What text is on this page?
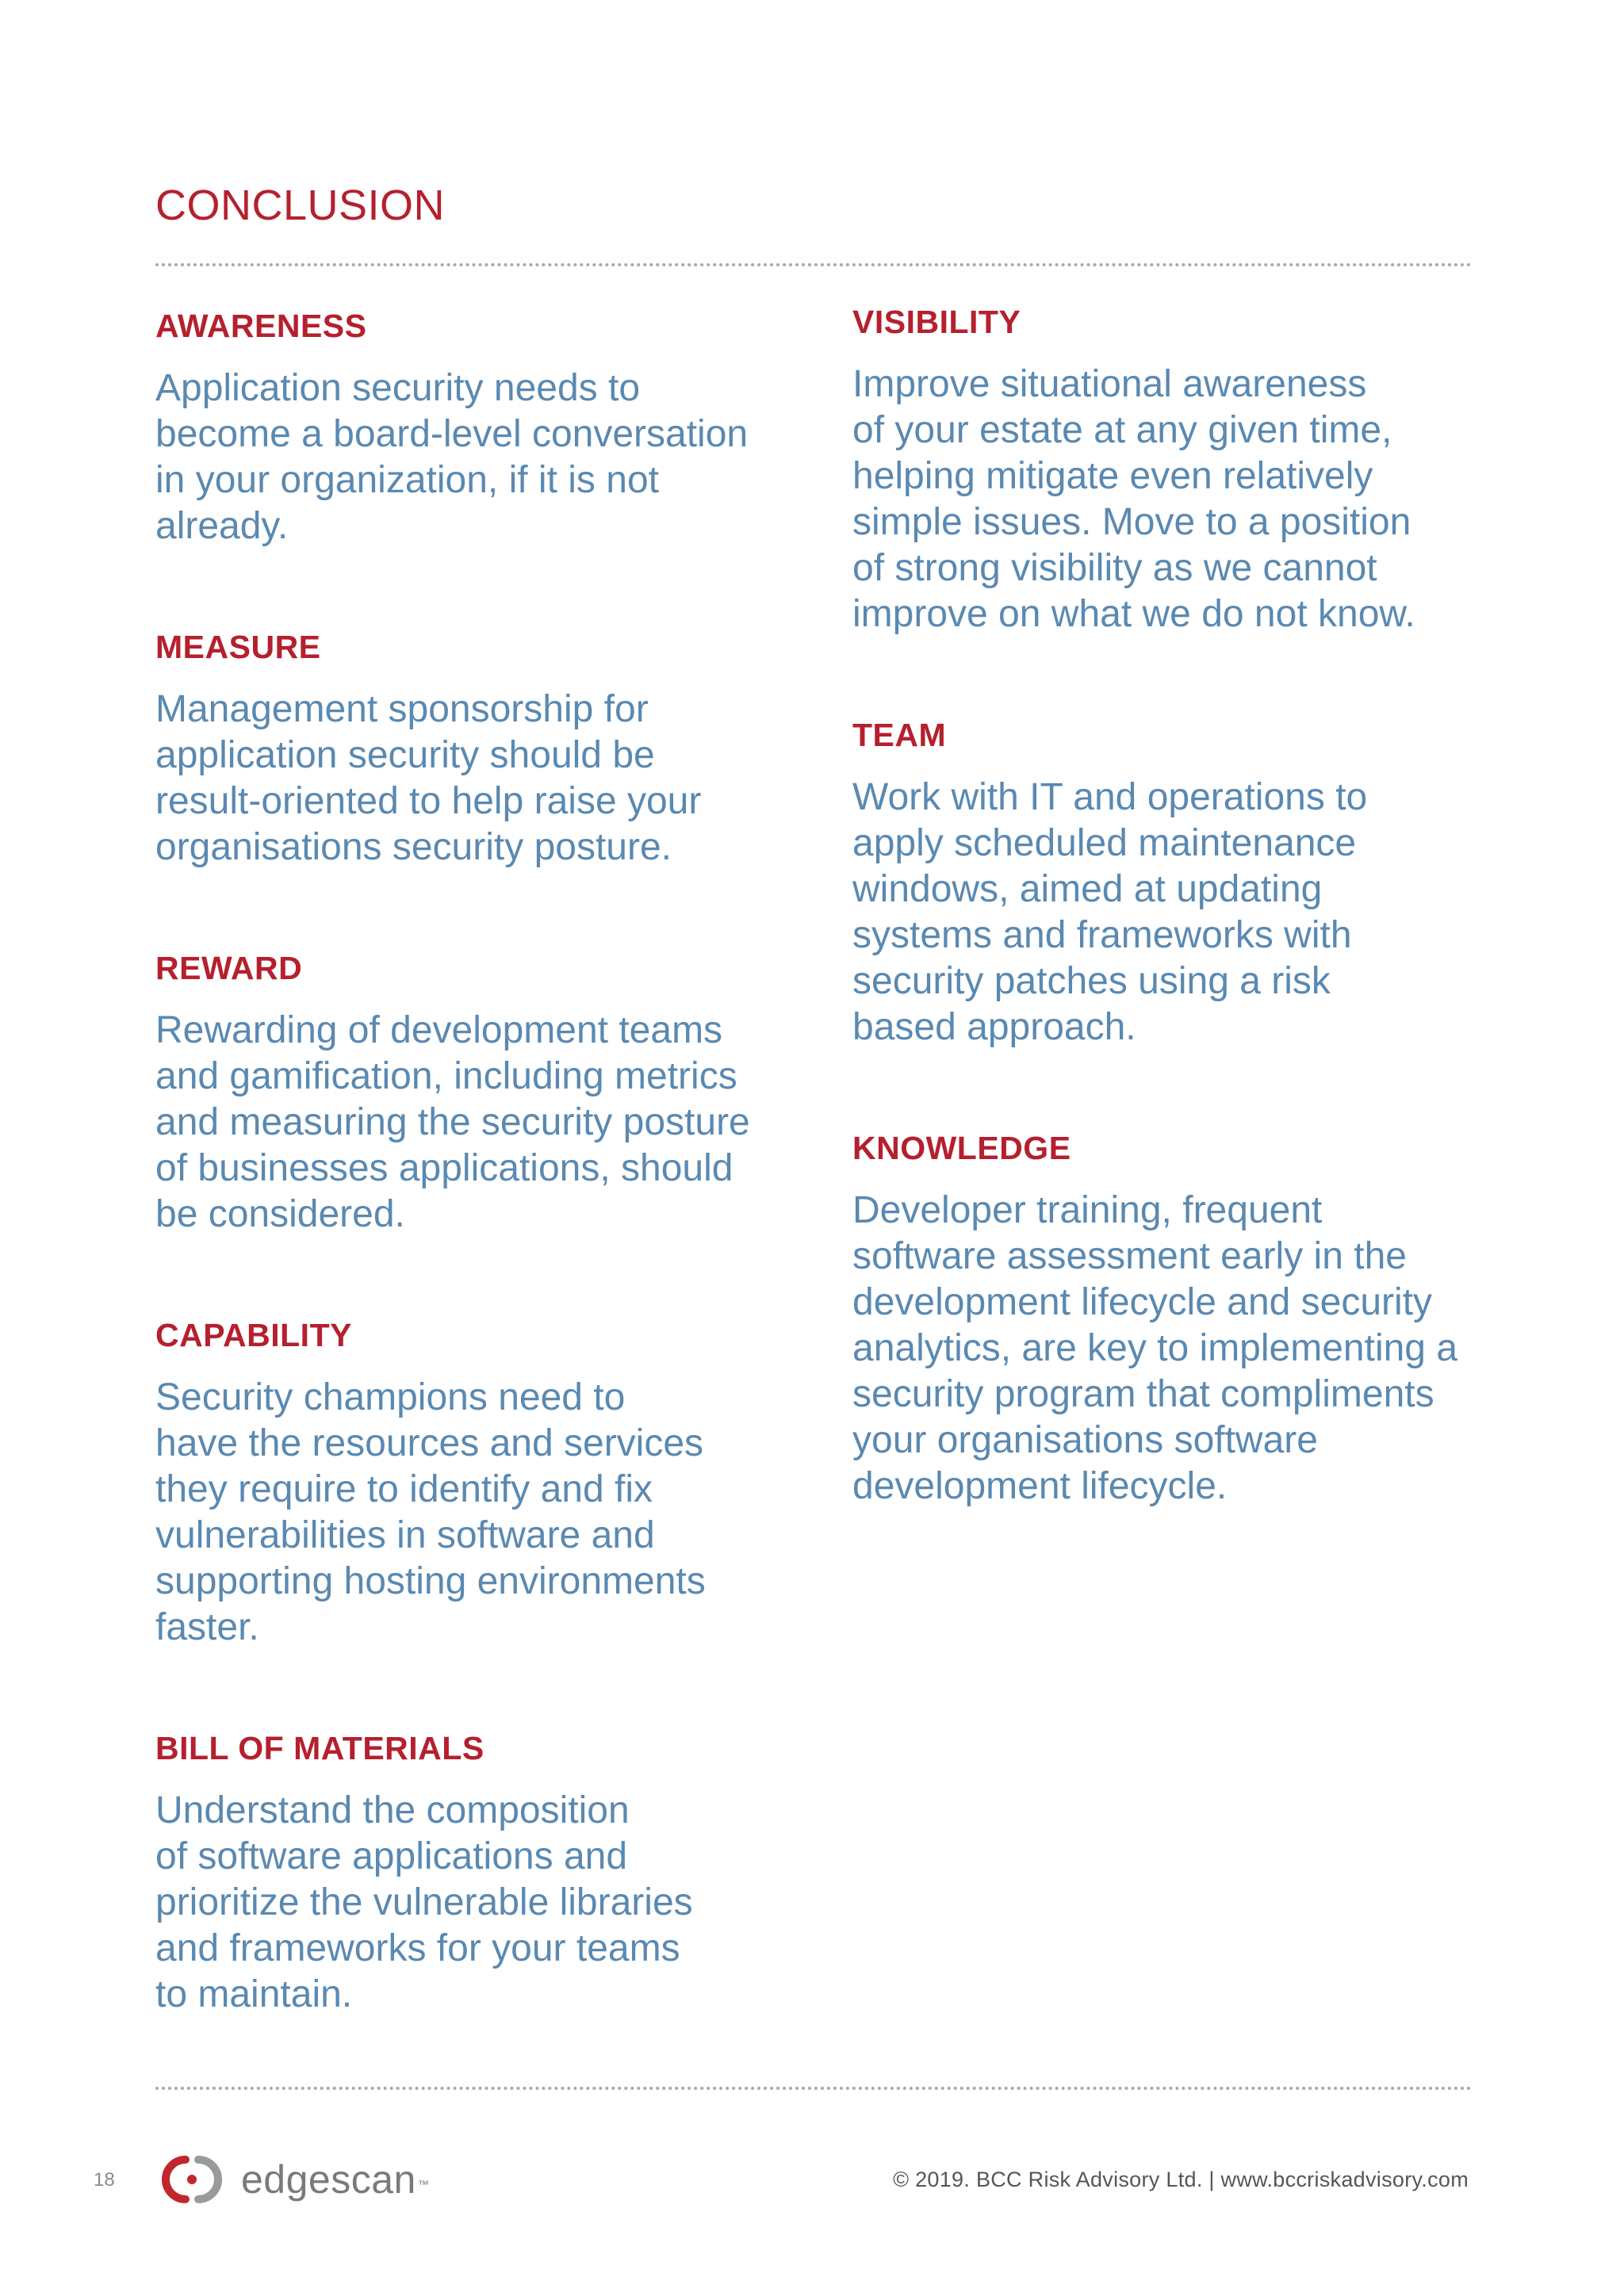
CONCLUSION
AWARENESS

Application security needs to
become a board-level conversation
in your organization, if it is not
already.

MEASURE

Management sponsorship for
application security should be
result-oriented to help raise your
organisations security posture.

REWARD

Rewarding of development teams
and gamification, including metrics
and measuring the security posture
of businesses applications, should
be considered.

CAPABILITY

Security champions need to
have the resources and services
they require to identify and fix
vulnerabilities in software and
supporting hosting environments
faster.

BILL OF MATERIALS

Understand the composition
of software applications and
prioritize the vulnerable libraries
and frameworks for your teams
to maintain.

VISIBILITY

Improve situational awareness
of your estate at any given time,
helping mitigate even relatively
simple issues. Move to a position
of strong visibility as we cannot
improve on what we do not know.

TEAM

Work with IT and operations to
apply scheduled maintenance
windows, aimed at updating
systems and frameworks with
security patches using a risk
based approach.

KNOWLEDGE

Developer training, frequent
software assessment early in the
development lifecycle and security
analytics, are key to implementing a
security program that compliments
your organisations software
development lifecycle.

18	edgescan ™	© 2019. BCC Risk Advisory Ltd. | www.bccriskadvisory.com
